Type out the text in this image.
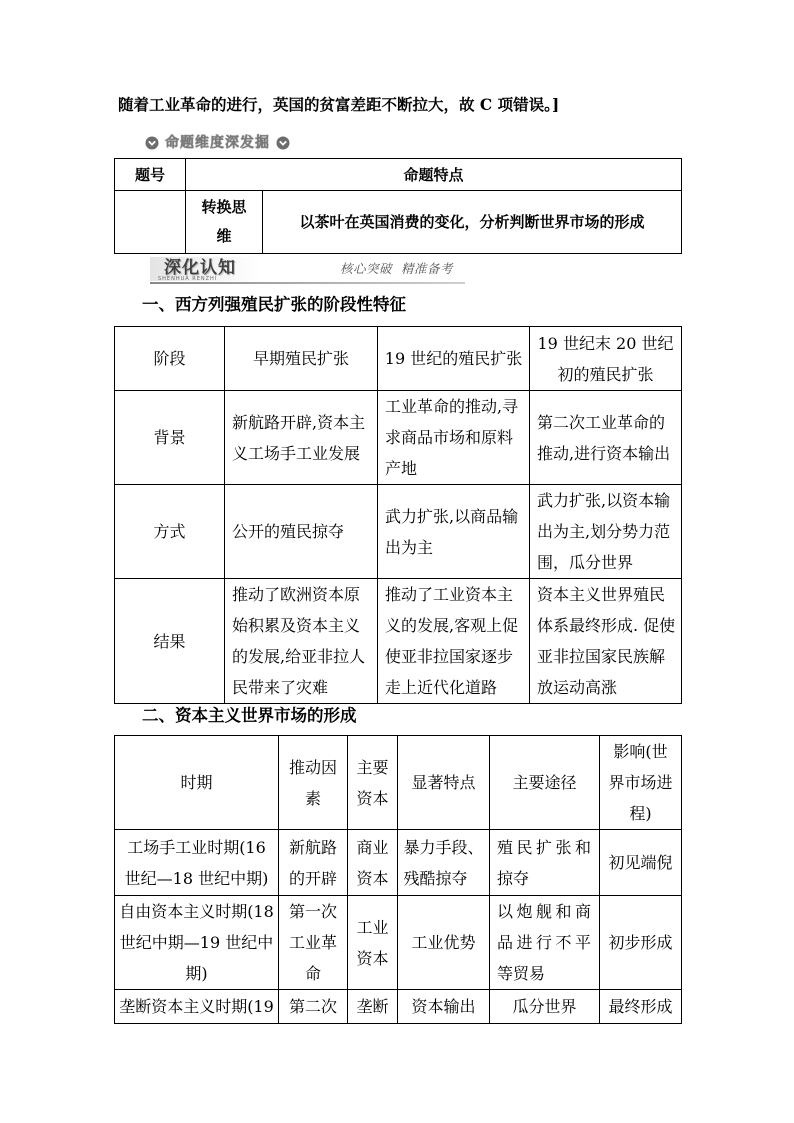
随着工业革命的进行，英国的贫富差距不断拉大，故 C 项错误。]
命题维度深发掘
题号	命题特点	

	转换思维	以茶叶在英国消费的变化，分析判断世界市场的形成
深化认知
SHENHUA RENZHI
核心突破  精准备考
一、西方列强殖民扩张的阶段性特征
阶段	早期殖民扩张	19 世纪的殖民扩张	19 世纪末 20 世纪初的殖民扩张

背景	新航路开辟,资本主义工场手工业发展	工业革命的推动,寻求商品市场和原料产地	第二次工业革命的推动,进行资本输出

方式	公开的殖民掠夺	武力扩张,以商品输出为主	武力扩张,以资本输出为主,划分势力范围，瓜分世界

结果	推动了欧洲资本原始积累及资本主义的发展,给亚非拉人民带来了灾难	推动了工业资本主义的发展,客观上促使亚非拉国家逐步走上近代化道路	资本主义世界殖民体系最终形成. 促使亚非拉国家民族解放运动高涨
二、资本主义世界市场的形成
时期	推动因素	主要资本	显著特点	主要途径	影响(世界市场进程)

工场手工业时期(16 世纪—18 世纪中期)	新航路的开辟	商业资本	暴力手段、残酷掠夺	殖民扩张和掠夺	初见端倪

自由资本主义时期(18 世纪中期—19 世纪中期)	第一次工业革命	工业资本	工业优势	以炮舰和商品进行不平等贸易	初步形成

垄断资本主义时期(19	第二次	垄断	资本输出	瓜分世界	最终形成
